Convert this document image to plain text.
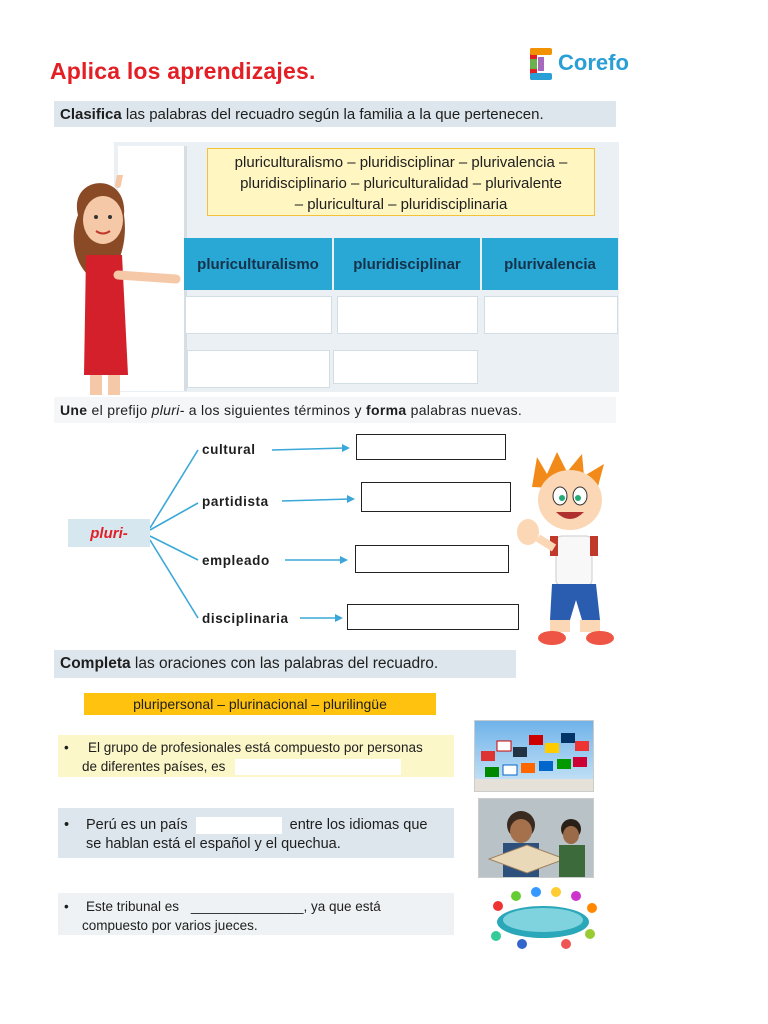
Aplica los aprendizajes.	Corefo
Clasifica las palabras del recuadro según la familia a la que pertenecen.
pluriculturalismo – pluridisciplinar – plurivalencia –
pluridisciplinario – pluriculturalidad – plurivalente
– pluricultural – pluridisciplinaria
pluriculturalismo	pluridisciplinar	plurivalencia
Une el prefijo pluri- a los siguientes términos y forma palabras nuevas.
pluri-
cultural
partidista
empleado
disciplinaria
Completa las oraciones con las palabras del recuadro.
pluripersonal – plurinacional – plurilingüe
•	El grupo de profesionales está compuesto por personas
de diferentes países, es
•	Perú es un país	entre los idiomas que
se hablan está el español y el quechua.
•	Este tribunal es _______________, ya que está
compuesto por varios jueces.
